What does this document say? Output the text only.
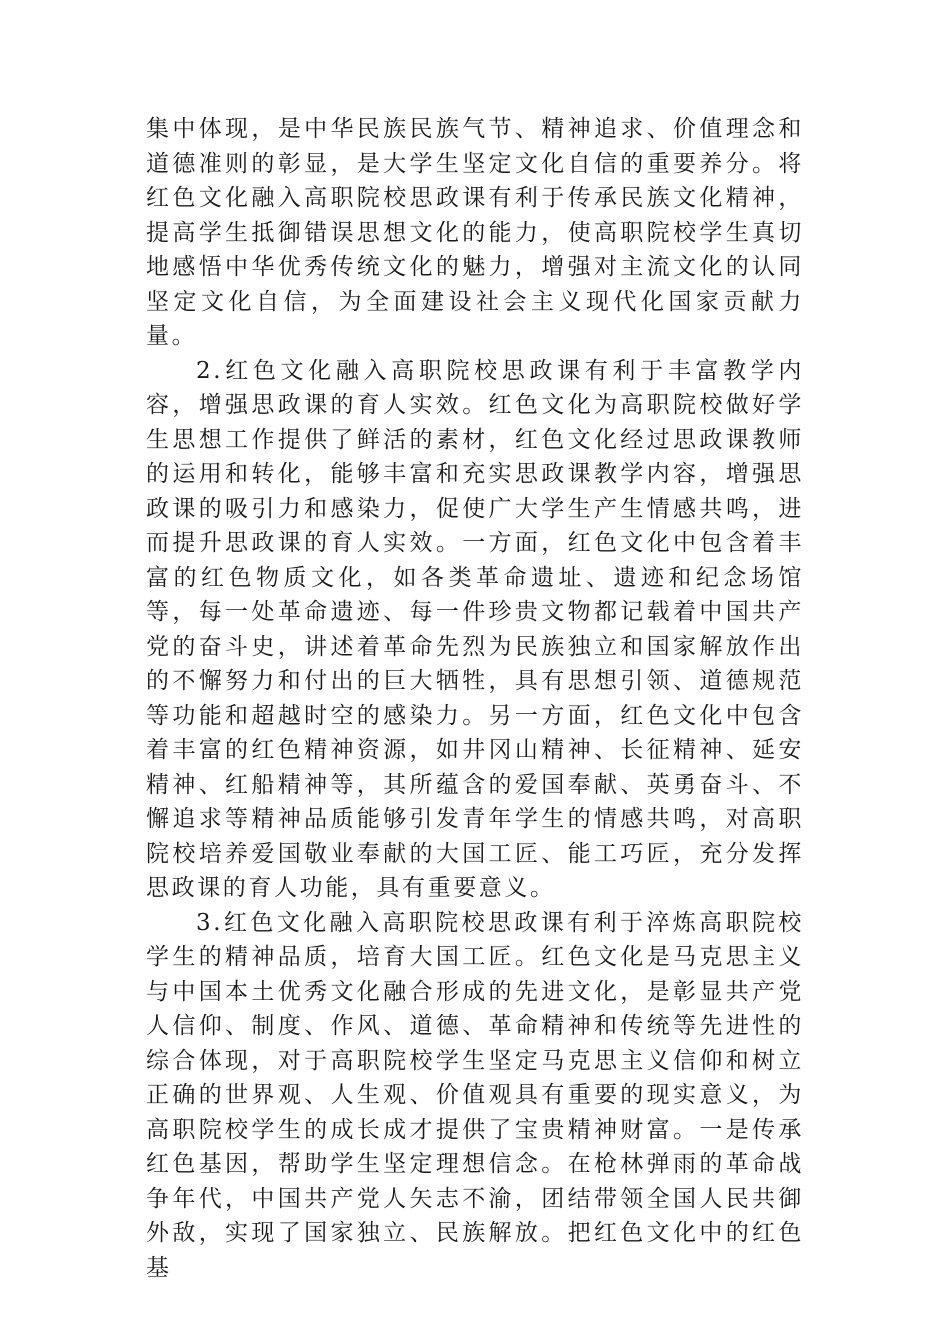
集中体现，是中华民族民族气节、精神追求、价值理念和道德准则的彰显，是大学生坚定文化自信的重要养分。将红色文化融入高职院校思政课有利于传承民族文化精神，提高学生抵御错误思想文化的能力，使高职院校学生真切地感悟中华优秀传统文化的魅力，增强对主流文化的认同坚定文化自信，为全面建设社会主义现代化国家贡献力量。

2.红色文化融入高职院校思政课有利于丰富教学内容，增强思政课的育人实效。红色文化为高职院校做好学生思想工作提供了鲜活的素材，红色文化经过思政课教师的运用和转化，能够丰富和充实思政课教学内容，增强思政课的吸引力和感染力，促使广大学生产生情感共鸣，进而提升思政课的育人实效。一方面，红色文化中包含着丰富的红色物质文化，如各类革命遗址、遗迹和纪念场馆等，每一处革命遗迹、每一件珍贵文物都记载着中国共产党的奋斗史，讲述着革命先烈为民族独立和国家解放作出的不懈努力和付出的巨大牺牲，具有思想引领、道德规范等功能和超越时空的感染力。另一方面，红色文化中包含着丰富的红色精神资源，如井冈山精神、长征精神、延安精神、红船精神等，其所蕴含的爱国奉献、英勇奋斗、不懈追求等精神品质能够引发青年学生的情感共鸣，对高职院校培养爱国敬业奉献的大国工匠、能工巧匠，充分发挥思政课的育人功能，具有重要意义。

3.红色文化融入高职院校思政课有利于淬炼高职院校学生的精神品质，培育大国工匠。红色文化是马克思主义与中国本土优秀文化融合形成的先进文化，是彰显共产党人信仰、制度、作风、道德、革命精神和传统等先进性的综合体现，对于高职院校学生坚定马克思主义信仰和树立正确的世界观、人生观、价值观具有重要的现实意义，为高职院校学生的成长成才提供了宝贵精神财富。一是传承红色基因，帮助学生坚定理想信念。在枪林弹雨的革命战争年代，中国共产党人矢志不渝，团结带领全国人民共御外敌，实现了国家独立、民族解放。把红色文化中的红色基
